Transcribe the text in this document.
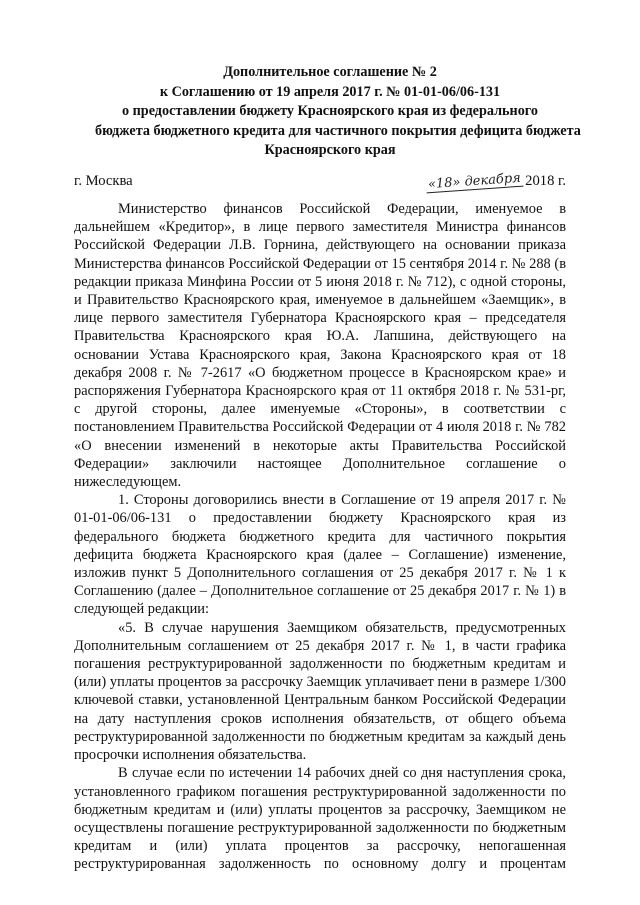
Дополнительное соглашение № 2
к Соглашению от 19 апреля 2017 г. № 01-01-06/06-131
о предоставлении бюджету Красноярского края из федерального
бюджета бюджетного кредита для частичного покрытия дефицита бюджета
Красноярского края
г. Москва	«18» декабря 2018 г.

Министерство финансов Российской Федерации, именуемое в дальнейшем «Кредитор», в лице первого заместителя Министра финансов Российской Федерации Л.В. Горнина, действующего на основании приказа Министерства финансов Российской Федерации от 15 сентября 2014 г. № 288 (в редакции приказа Минфина России от 5 июня 2018 г. № 712), с одной стороны, и Правительство Красноярского края, именуемое в дальнейшем «Заемщик», в лице первого заместителя Губернатора Красноярского края – председателя Правительства Красноярского края Ю.А. Лапшина, действующего на основании Устава Красноярского края, Закона Красноярского края от 18 декабря 2008 г. № 7-2617 «О бюджетном процессе в Красноярском крае» и распоряжения Губернатора Красноярского края от 11 октября 2018 г. № 531-рг, с другой стороны, далее именуемые «Стороны», в соответствии с постановлением Правительства Российской Федерации от 4 июля 2018 г. № 782 «О внесении изменений в некоторые акты Правительства Российской Федерации» заключили настоящее Дополнительное соглашение о нижеследующем.

1. Стороны договорились внести в Соглашение от 19 апреля 2017 г. № 01-01-06/06-131 о предоставлении бюджету Красноярского края из федерального бюджета бюджетного кредита для частичного покрытия дефицита бюджета Красноярского края (далее – Соглашение) изменение, изложив пункт 5 Дополнительного соглашения от 25 декабря 2017 г. № 1 к Соглашению (далее – Дополнительное соглашение от 25 декабря 2017 г. № 1) в следующей редакции:

«5. В случае нарушения Заемщиком обязательств, предусмотренных Дополнительным соглашением от 25 декабря 2017 г. № 1, в части графика погашения реструктурированной задолженности по бюджетным кредитам и (или) уплаты процентов за рассрочку Заемщик уплачивает пени в размере 1/300 ключевой ставки, установленной Центральным банком Российской Федерации на дату наступления сроков исполнения обязательств, от общего объема реструктурированной задолженности по бюджетным кредитам за каждый день просрочки исполнения обязательства.

В случае если по истечении 14 рабочих дней со дня наступления срока, установленного графиком погашения реструктурированной задолженности по бюджетным кредитам и (или) уплаты процентов за рассрочку, Заемщиком не осуществлены погашение реструктурированной задолженности по бюджетным кредитам и (или) уплата процентов за рассрочку, непогашенная реструктурированная задолженность по основному долгу и процентам
